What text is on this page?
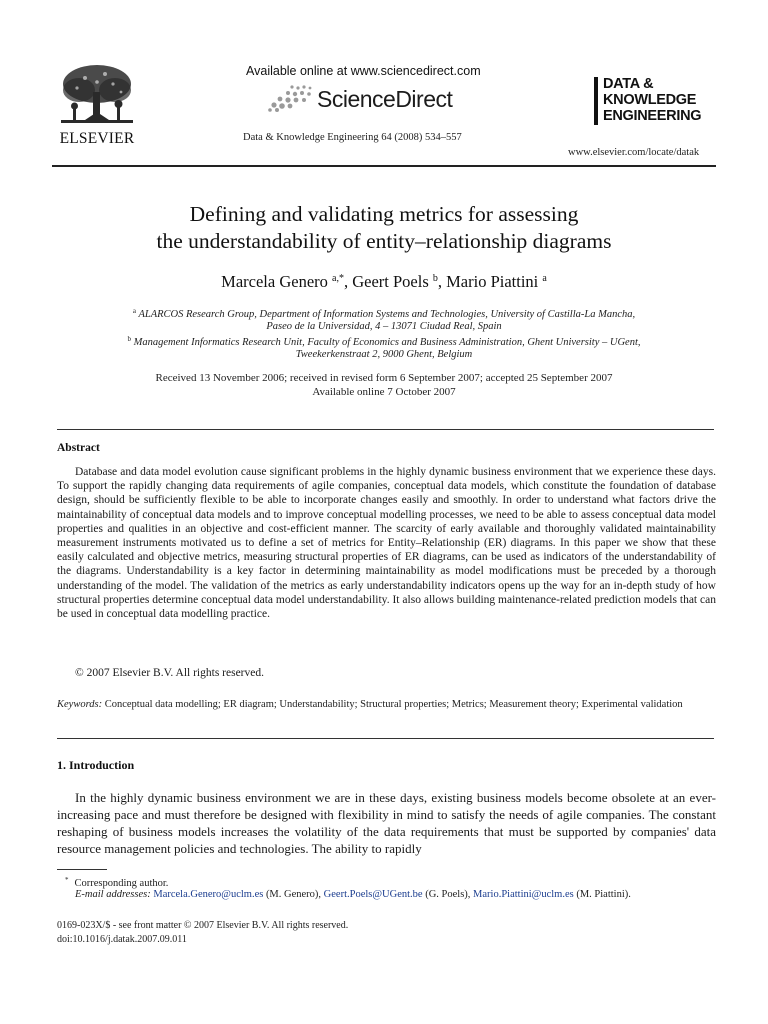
ELSEVIER
Available online at www.sciencedirect.com
ScienceDirect
Data & Knowledge Engineering 64 (2008) 534–557
DATA &
KNOWLEDGE
ENGINEERING
www.elsevier.com/locate/datak
Defining and validating metrics for assessing
the understandability of entity–relationship diagrams
Marcela Genero $^{a,*}$, Geert Poels $^b$, Mario Piattini $^a$
$^a$ ALARCOS Research Group, Department of Information Systems and Technologies, University of Castilla-La Mancha,
Paseo de la Universidad, 4 – 13071 Ciudad Real, Spain
$^b$ Management Informatics Research Unit, Faculty of Economics and Business Administration, Ghent University – UGent,
Tweekerkenstraat 2, 9000 Ghent, Belgium
Received 13 November 2006; received in revised form 6 September 2007; accepted 25 September 2007
Available online 7 October 2007
Abstract

Database and data model evolution cause significant problems in the highly dynamic business environment that we experience these days. To support the rapidly changing data requirements of agile companies, conceptual data models, which constitute the foundation of database design, should be sufficiently flexible to be able to incorporate changes easily and smoothly. In order to understand what factors drive the maintainability of conceptual data models and to improve conceptual modelling processes, we need to be able to assess conceptual data model properties and qualities in an objective and cost-efficient manner. The scarcity of early available and thoroughly validated maintainability measurement instruments motivated us to define a set of metrics for Entity–Relationship (ER) diagrams. In this paper we show that these easily calculated and objective metrics, measuring structural properties of ER diagrams, can be used as indicators of the understandability of the diagrams. Understandability is a key factor in determining maintainability as model modifications must be preceded by a thorough understanding of the model. The validation of the metrics as early understandability indicators opens up the way for an in-depth study of how structural properties determine conceptual data model understandability. It also allows building maintenance-related prediction models that can be used in conceptual data modelling practice.

© 2007 Elsevier B.V. All rights reserved.

Keywords: Conceptual data modelling; ER diagram; Understandability; Structural properties; Metrics; Measurement theory; Experimental validation

1. Introduction

In the highly dynamic business environment we are in these days, existing business models become obsolete at an ever-increasing pace and must therefore be designed with flexibility in mind to satisfy the needs of agile companies. The constant reshaping of business models increases the volatility of the data requirements that must be supported by companies' data resource management policies and technologies. The ability to rapidly

* Corresponding author.
E-mail addresses: Marcela.Genero@uclm.es (M. Genero), Geert.Poels@UGent.be (G. Poels), Mario.Piattini@uclm.es (M. Piattini).
0169-023X/$ - see front matter © 2007 Elsevier B.V. All rights reserved.
doi:10.1016/j.datak.2007.09.011
